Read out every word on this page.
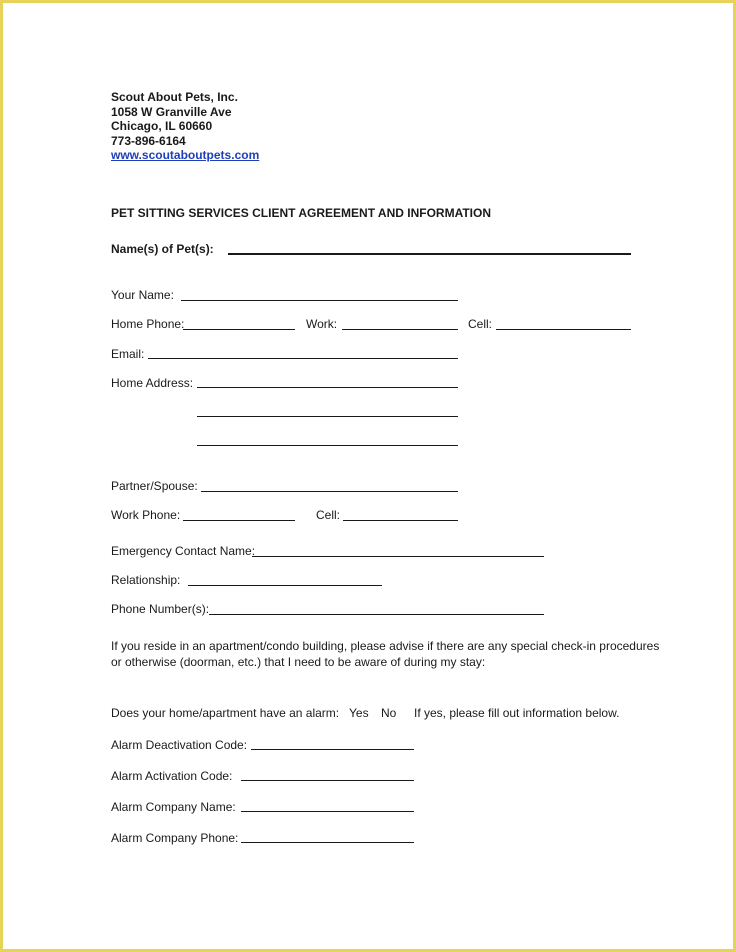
Scout About Pets, Inc.
1058 W Granville Ave
Chicago, IL 60660
773-896-6164
www.scoutaboutpets.com
PET SITTING SERVICES CLIENT AGREEMENT AND INFORMATION
Name(s) of Pet(s):
Your Name:
Home Phone:	Work:	Cell:
Email:
Home Address:
Partner/Spouse:
Work Phone:	Cell:
Emergency Contact Name:
Relationship:
Phone Number(s):
If you reside in an apartment/condo building, please advise if there are any special check-in procedures or otherwise (doorman, etc.) that I need to be aware of during my stay:
Does your home/apartment have an alarm: Yes No If yes, please fill out information below.
Alarm Deactivation Code:
Alarm Activation Code:
Alarm Company Name:
Alarm Company Phone:
